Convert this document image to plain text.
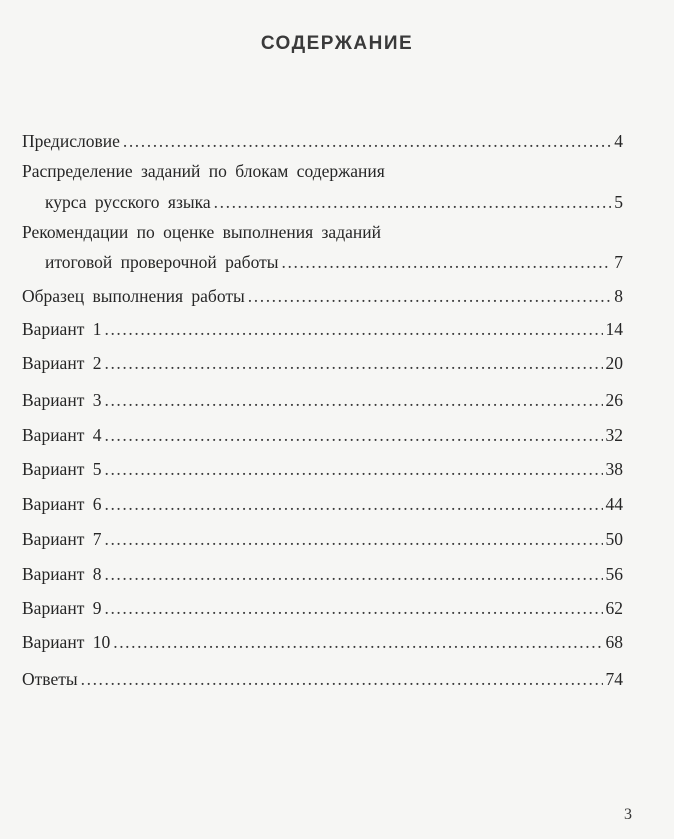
СОДЕРЖАНИЕ
Предисловие .....	4
Распределение заданий по блокам содержания
курса русского языка .....	5
Рекомендации по оценке выполнения заданий
итоговой проверочной работы .....	7
Образец выполнения работы .....	8
Вариант 1 .....	14
Вариант 2 .....	20
Вариант 3 .....	26
Вариант 4 .....	32
Вариант 5 .....	38
Вариант 6 .....	44
Вариант 7 .....	50
Вариант 8 .....	56
Вариант 9 .....	62
Вариант 10 .....	68
Ответы .....	74
3
